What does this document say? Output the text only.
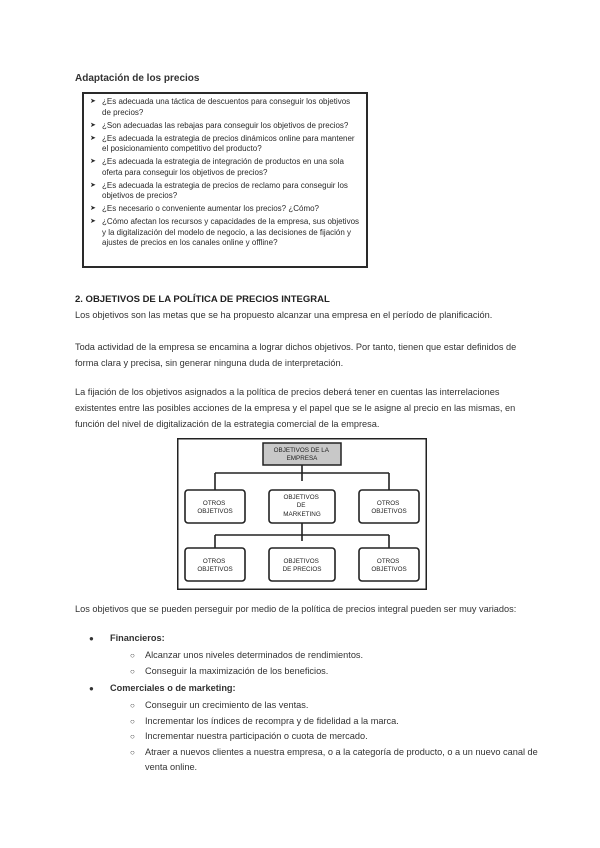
Adaptación de los precios
➤ ¿Es adecuada una táctica de descuentos para conseguir los objetivos de precios?
➤ ¿Son adecuadas las rebajas para conseguir los objetivos de precios?
➤ ¿Es adecuada la estrategia de precios dinámicos online para mantener el posicionamiento competitivo del producto?
➤ ¿Es adecuada la estrategia de integración de productos en una sola oferta para conseguir los objetivos de precios?
➤ ¿Es adecuada la estrategia de precios de reclamo para conseguir los objetivos de precios?
➤ ¿Es necesario o conveniente aumentar los precios? ¿Cómo?
➤ ¿Cómo afectan los recursos y capacidades de la empresa, sus objetivos y la digitalización del modelo de negocio, a las decisiones de fijación y ajustes de precios en los canales online y offline?
2. OBJETIVOS DE LA POLÍTICA DE PRECIOS INTEGRAL

Los objetivos son las metas que se ha propuesto alcanzar una empresa en el período de planificación.

Toda actividad de la empresa se encamina a lograr dichos objetivos. Por tanto, tienen que estar definidos de forma clara y precisa, sin generar ninguna duda de interpretación.

La fijación de los objetivos asignados a la política de precios deberá tener en cuentas las interrelaciones existentes entre las posibles acciones de la empresa y el papel que se le asigne al precio en las mismas, en función del nivel de digitalización de la estrategia comercial de la empresa.

OBJETIVOS DE LA EMPRESA
OTROS OBJETIVOS
OBJETIVOS DE MARKETING
OTROS OBJETIVOS
OTROS OBJETIVOS
OBJETIVOS DE PRECIOS
OTROS OBJETIVOS

Los objetivos que se pueden perseguir por medio de la política de precios integral pueden ser muy variados:

● Financieros:
○ Alcanzar unos niveles determinados de rendimientos.
○ Conseguir la maximización de los beneficios.
● Comerciales o de marketing:
○ Conseguir un crecimiento de las ventas.
○ Incrementar los índices de recompra y de fidelidad a la marca.
○ Incrementar nuestra participación o cuota de mercado.
○ Atraer a nuevos clientes a nuestra empresa, o a la categoría de producto, o a un nuevo canal de venta online.
